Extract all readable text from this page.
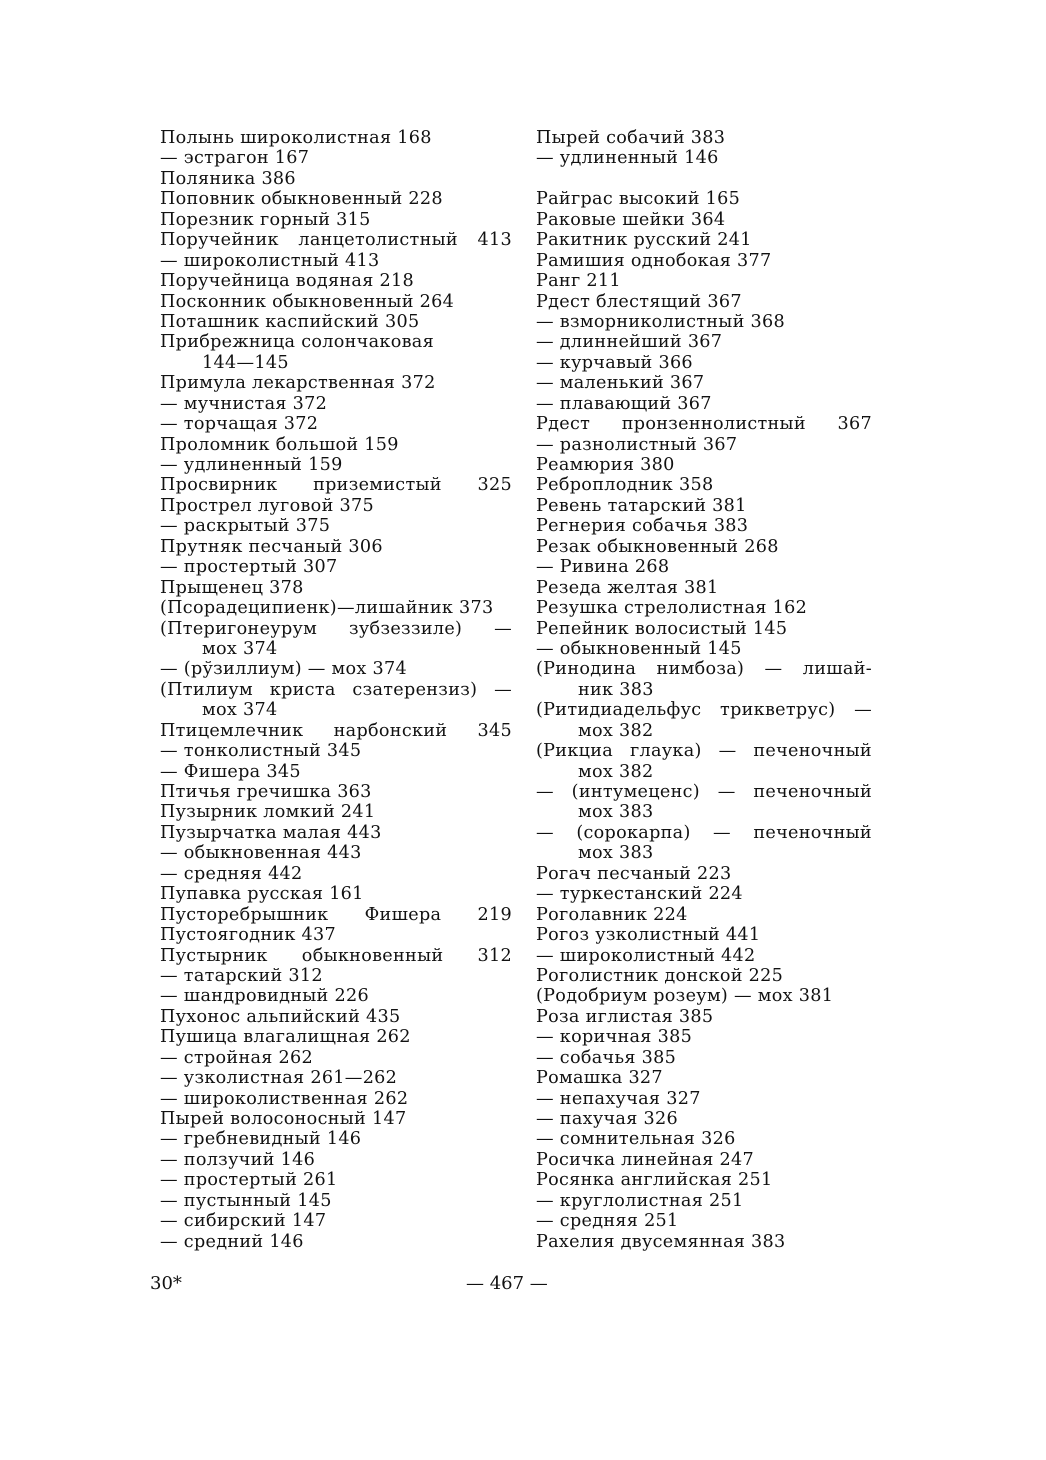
Полынь широколистная 168
— эстрагон 167
Поляника 386
Поповник обыкновенный 228
Порезник горный 315
Поручейник ланцетолистный 413
— широколистный 413
Поручейница водяная 218
Посконник обыкновенный 264
Поташник каспийский 305
Прибрежница солончаковая
144—145
Примула лекарственная 372
— мучнистая 372
— торчащая 372
Проломник большой 159
— удлиненный 159
Просвирник приземистый 325
Прострел луговой 375
— раскрытый 375
Прутняк песчаный 306
— простертый 307
Прыщенец 378
(Псорадеципиенк)—лишайник 373
(Птеригонеурум зубзеззиле) —
мох 374
— (рўзиллиум) — мох 374
(Птилиум криста сзатерензиз) —
мох 374
Птицемлечник нарбонский 345
— тонколистный 345
— Фишера 345
Птичья гречишка 363
Пузырник ломкий 241
Пузырчатка малая 443
— обыкновенная 443
— средняя 442
Пупавка русская 161
Пусторебрышник Фишера 219
Пустоягодник 437
Пустырник обыкновенный 312
— татарский 312
— шандровидный 226
Пухонос альпийский 435
Пушица влагалищная 262
— стройная 262
— узколистная 261—262
— широколиственная 262
Пырей волосоносный 147
— гребневидный 146
— ползучий 146
— простертый 261
— пустынный 145
— сибирский 147
— средний 146
Пырей собачий 383
— удлиненный 146
Райграс высокий 165
Раковые шейки 364
Ракитник русский 241
Рамишия однобокая 377
Ранг 211
Рдест блестящий 367
— взморниколистный 368
— длиннейший 367
— курчавый 366
— маленький 367
— плавающий 367
Рдест пронзеннолистный 367
— разнолистный 367
Реамюрия 380
Реброплодник 358
Ревень татарский 381
Регнерия собачья 383
Резак обыкновенный 268
— Ривина 268
Резеда желтая 381
Резушка стрелолистная 162
Репейник волосистый 145
— обыкновенный 145
(Ринодина нимбоза) — лишай-
ник 383
(Ритидиадельфус трикветрус) —
мох 382
(Рикциа глаука) — печеночный
мох 382
— (интумеценс) — печеночный
мох 383
— (сорокарпа) — печеночный
мох 383
Рогач песчаный 223
— туркестанский 224
Роголавник 224
Рогоз узколистный 441
— широколистный 442
Роголистник донской 225
(Родобриум розеум) — мох 381
Роза иглистая 385
— коричная 385
— собачья 385
Ромашка 327
— непахучая 327
— пахучая 326
— сомнительная 326
Росичка линейная 247
Росянка английская 251
— круглолистная 251
— средняя 251
Рахелия двусемянная 383
30*	— 467 —
